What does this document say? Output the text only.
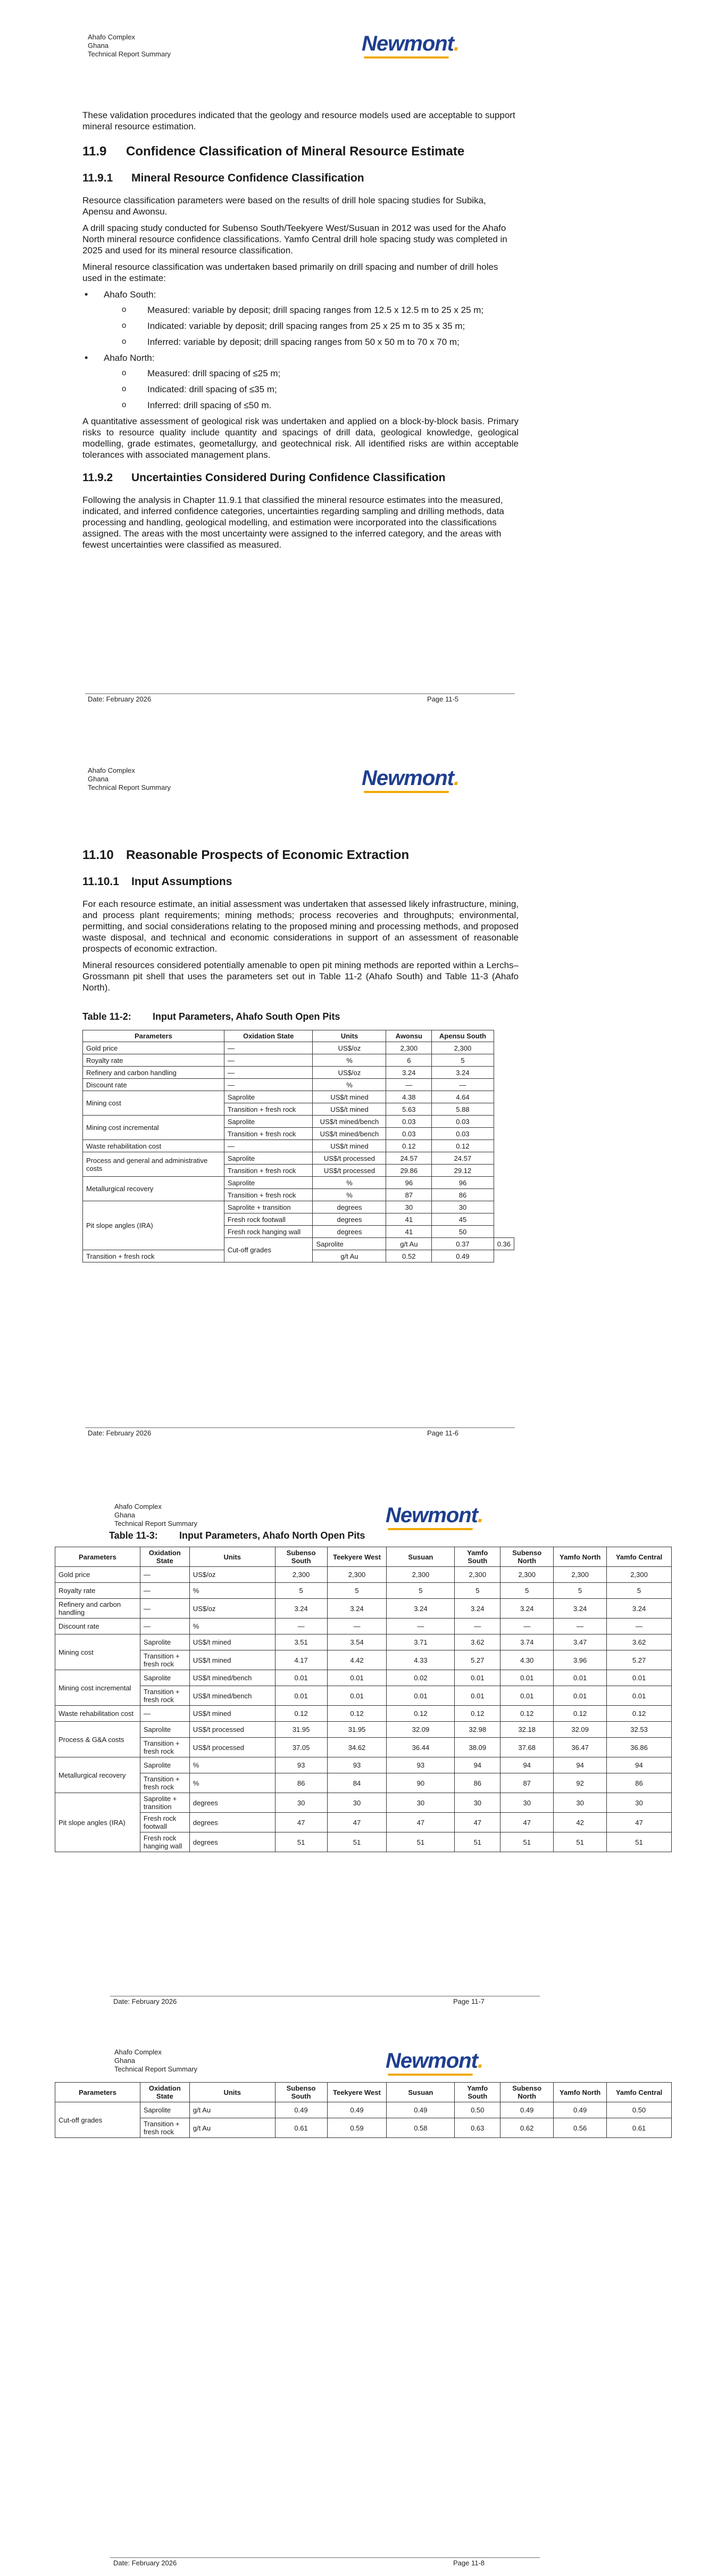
Ahafo Complex
Ghana
Technical Report Summary	Newmont.

These validation procedures indicated that the geology and resource models used are acceptable to support mineral resource estimation.

11.9 Confidence Classification of Mineral Resource Estimate
11.9.1 Mineral Resource Confidence Classification

Resource classification parameters were based on the results of drill hole spacing studies for Subika, Apensu and Awonsu.

A drill spacing study conducted for Subenso South/Teekyere West/Susuan in 2012 was used for the Ahafo North mineral resource confidence classifications. Yamfo Central drill hole spacing study was completed in 2025 and used for its mineral resource classification.

Mineral resource classification was undertaken based primarily on drill spacing and number of drill holes used in the estimate:

• Ahafo South:
o Measured: variable by deposit; drill spacing ranges from 12.5 x 12.5 m to 25 x 25 m;
o Indicated: variable by deposit; drill spacing ranges from 25 x 25 m to 35 x 35 m;
o Inferred: variable by deposit; drill spacing ranges from 50 x 50 m to 70 x 70 m;
• Ahafo North:
o Measured: drill spacing of ≤25 m;
o Indicated: drill spacing of ≤35 m;
o Inferred: drill spacing of ≤50 m.

A quantitative assessment of geological risk was undertaken and applied on a block-by-block basis. Primary risks to resource quality include quantity and spacings of drill data, geological knowledge, geological modelling, grade estimates, geometallurgy, and geotechnical risk. All identified risks are within acceptable tolerances with associated management plans.

11.9.2 Uncertainties Considered During Confidence Classification

Following the analysis in Chapter 11.9.1 that classified the mineral resource estimates into the measured, indicated, and inferred confidence categories, uncertainties regarding sampling and drilling methods, data processing and handling, geological modelling, and estimation were incorporated into the classifications assigned. The areas with the most uncertainty were assigned to the inferred category, and the areas with fewest uncertainties were classified as measured.

Date: February 2026	Page 11-5
Ahafo Complex
Ghana
Technical Report Summary	Newmont.
11.10 Reasonable Prospects of Economic Extraction
11.10.1 Input Assumptions

For each resource estimate, an initial assessment was undertaken that assessed likely infrastructure, mining, and process plant requirements; mining methods; process recoveries and throughputs; environmental, permitting, and social considerations relating to the proposed mining and processing methods, and proposed waste disposal, and technical and economic considerations in support of an assessment of reasonable prospects of economic extraction.

Mineral resources considered potentially amenable to open pit mining methods are reported within a Lerchs–Grossmann pit shell that uses the parameters set out in Table 11-2 (Ahafo South) and Table 11-3 (Ahafo North).

Table 11-2: Input Parameters, Ahafo South Open Pits
Parameters	Oxidation State	Units	Awonsu	Apensu South	
Gold price	—	US$/oz	2,300	2,300	
Royalty rate	—	%	6	5	
Refinery and carbon handling	—	US$/oz	3.24	3.24	
Discount rate	—	%	—	—	
Mining cost	Saprolite	US$/t mined	4.38	4.64	
	Transition + fresh rock	US$/t mined	5.63	5.88	
Mining cost incremental	Saprolite	US$/t mined/bench	0.03	0.03	
	Transition + fresh rock	US$/t mined/bench	0.03	0.03	
Waste rehabilitation cost	—	US$/t mined	0.12	0.12	
Process and general and administrative costs	Saprolite	US$/t processed	24.57	24.57	
	Transition + fresh rock	US$/t processed	29.86	29.12	
Metallurgical recovery	Saprolite	%	96	96	
	Transition + fresh rock	%	87	86	
Pit slope angles (IRA)	Saprolite + transition	degrees	30	30	
	Fresh rock footwall	degrees	41	45	
	Fresh rock hanging wall	degrees	41	50	
	Cut-off grades	Saprolite	g/t Au	0.37	0.36
Transition + fresh rock		g/t Au	0.52	0.49	
Date: February 2026	Page 11-6
Ahafo Complex
Ghana
Technical Report Summary	Newmont.
Table 11-3: Input Parameters, Ahafo North Open Pits
Parameters	Oxidation State	Units	Subenso South	Teekyere West	Susuan	Yamfo South	Subenso North	Yamfo North	Yamfo Central
Gold price	—	US$/oz	2,300	2,300	2,300	2,300	2,300	2,300	2,300
Royalty rate	—	%	5	5	5	5	5	5	5
Refinery and carbon handling	—	US$/oz	3.24	3.24	3.24	3.24	3.24	3.24	3.24
Discount rate	—	%	—	—	—	—	—	—	—
Mining cost	Saprolite	US$/t mined	3.51	3.54	3.71	3.62	3.74	3.47	3.62
	Transition + fresh rock	US$/t mined	4.17	4.42	4.33	5.27	4.30	3.96	5.27
Mining cost incremental	Saprolite	US$/t mined/bench	0.01	0.01	0.02	0.01	0.01	0.01	0.01
	Transition + fresh rock	US$/t mined/bench	0.01	0.01	0.01	0.01	0.01	0.01	0.01
Waste rehabilitation cost	—	US$/t mined	0.12	0.12	0.12	0.12	0.12	0.12	0.12
Process & G&A costs	Saprolite	US$/t processed	31.95	31.95	32.09	32.98	32.18	32.09	32.53
	Transition + fresh rock	US$/t processed	37.05	34.62	36.44	38.09	37.68	36.47	36.86
Metallurgical recovery	Saprolite	%	93	93	93	94	94	94	94
	Transition + fresh rock	%	86	84	90	86	87	92	86
Pit slope angles (IRA)	Saprolite + transition	degrees	30	30	30	30	30	30	30
	Fresh rock footwall	degrees	47	47	47	47	47	42	47
	Fresh rock hanging wall	degrees	51	51	51	51	51	51	51
Date: February 2026	Page 11-7
Ahafo Complex
Ghana
Technical Report Summary	Newmont.
Parameters	Oxidation State	Units	Subenso South	Teekyere West	Susuan	Yamfo South	Subenso North	Yamfo North	Yamfo Central
Cut-off grades	Saprolite	g/t Au	0.49	0.49	0.49	0.50	0.49	0.49	0.50
	Transition + fresh rock	g/t Au	0.61	0.59	0.58	0.63	0.62	0.56	0.61
Date: February 2026	Page 11-8
